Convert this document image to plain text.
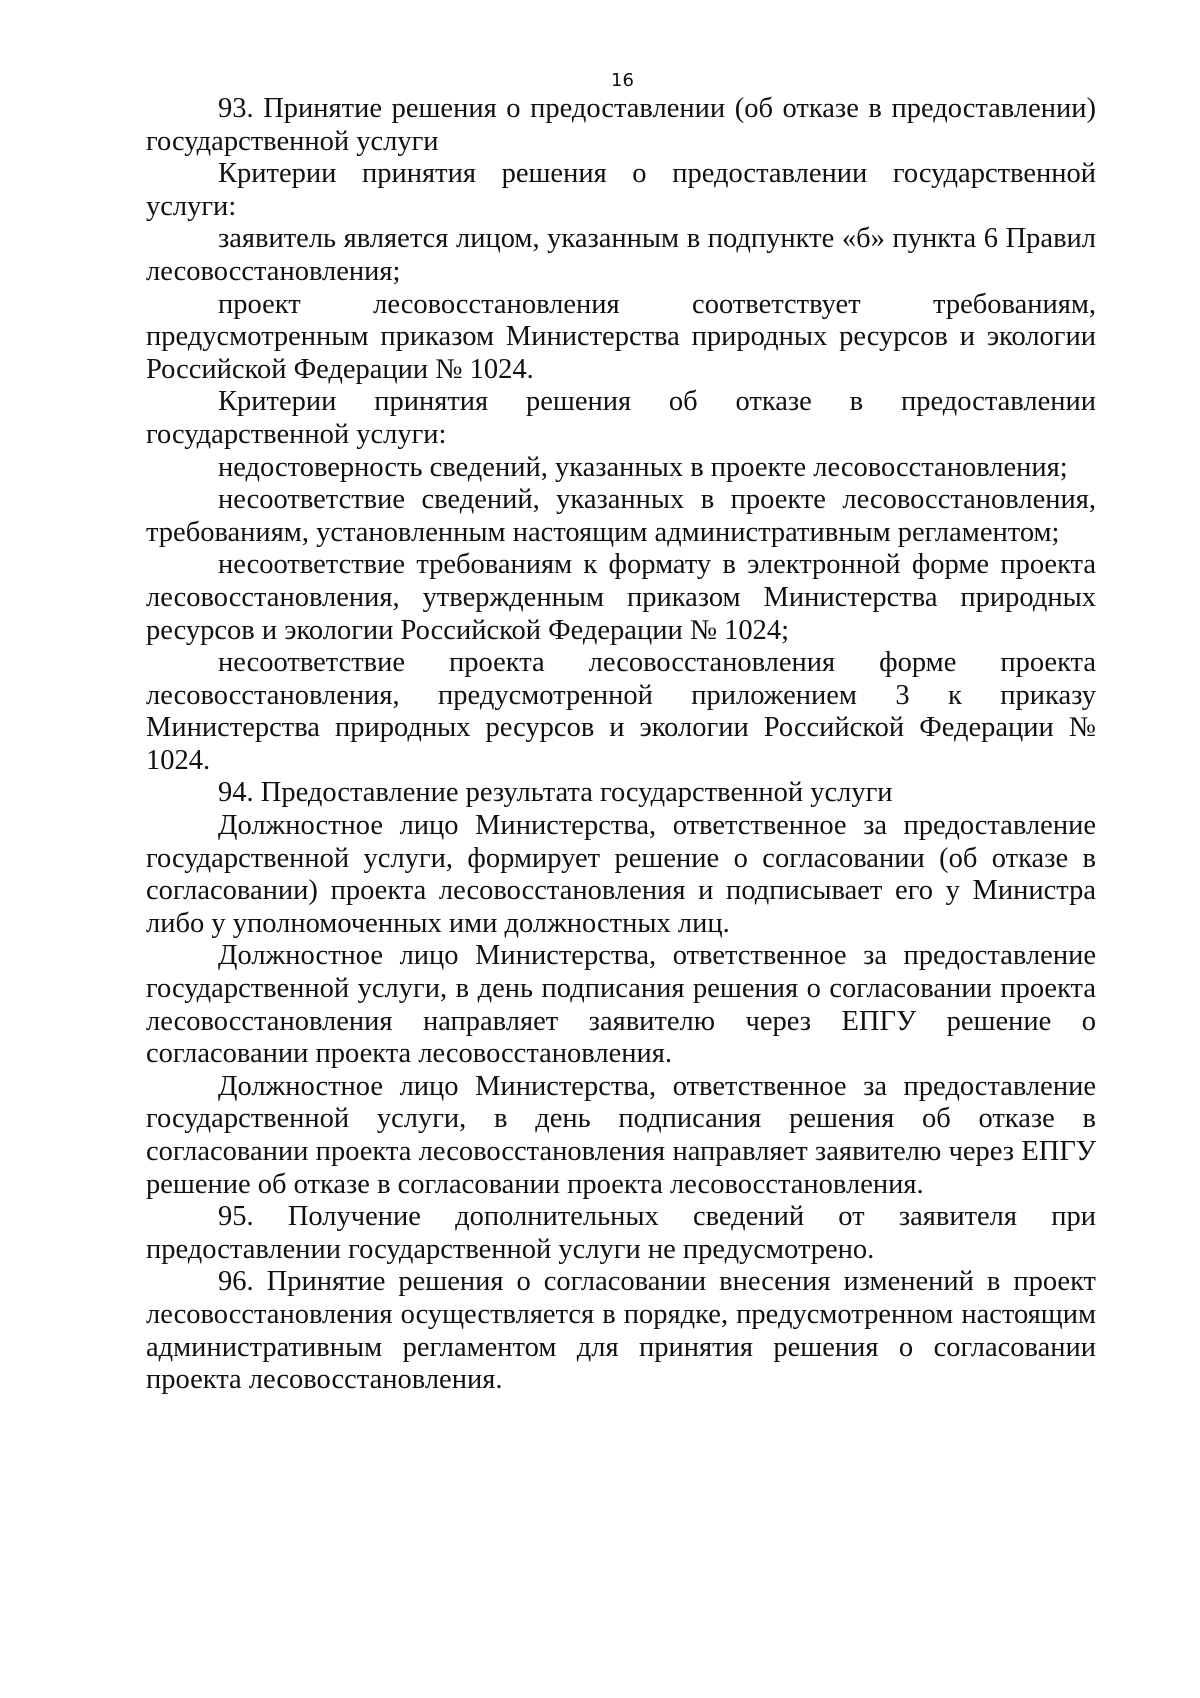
16

93. Принятие решения о предоставлении (об отказе в предоставлении) государственной услуги

Критерии принятия решения о предоставлении государственной услуги:

заявитель является лицом, указанным в подпункте «б» пункта 6 Правил лесовосстановления;

проект лесовосстановления соответствует требованиям, предусмотренным приказом Министерства природных ресурсов и экологии Российской Федерации № 1024.

Критерии принятия решения об отказе в предоставлении государственной услуги:

недостоверность сведений, указанных в проекте лесовосстановления;

несоответствие сведений, указанных в проекте лесовосстановления, требованиям, установленным настоящим административным регламентом;

несоответствие требованиям к формату в электронной форме проекта лесовосстановления, утвержденным приказом Министерства природных ресурсов и экологии Российской Федерации № 1024;

несоответствие проекта лесовосстановления форме проекта лесовосстановления, предусмотренной приложением 3 к приказу Министерства природных ресурсов и экологии Российской Федерации № 1024.

94. Предоставление результата государственной услуги

Должностное лицо Министерства, ответственное за предоставление государственной услуги, формирует решение о согласовании (об отказе в согласовании) проекта лесовосстановления и подписывает его у Министра либо у уполномоченных ими должностных лиц.

Должностное лицо Министерства, ответственное за предоставление государственной услуги, в день подписания решения о согласовании проекта лесовосстановления направляет заявителю через ЕПГУ решение о согласовании проекта лесовосстановления.

Должностное лицо Министерства, ответственное за предоставление государственной услуги, в день подписания решения об отказе в согласовании проекта лесовосстановления направляет заявителю через ЕПГУ решение об отказе в согласовании проекта лесовосстановления.

95. Получение дополнительных сведений от заявителя при предоставлении государственной услуги не предусмотрено.

96. Принятие решения о согласовании внесения изменений в проект лесовосстановления осуществляется в порядке, предусмотренном настоящим административным регламентом для принятия решения о согласовании проекта лесовосстановления.
